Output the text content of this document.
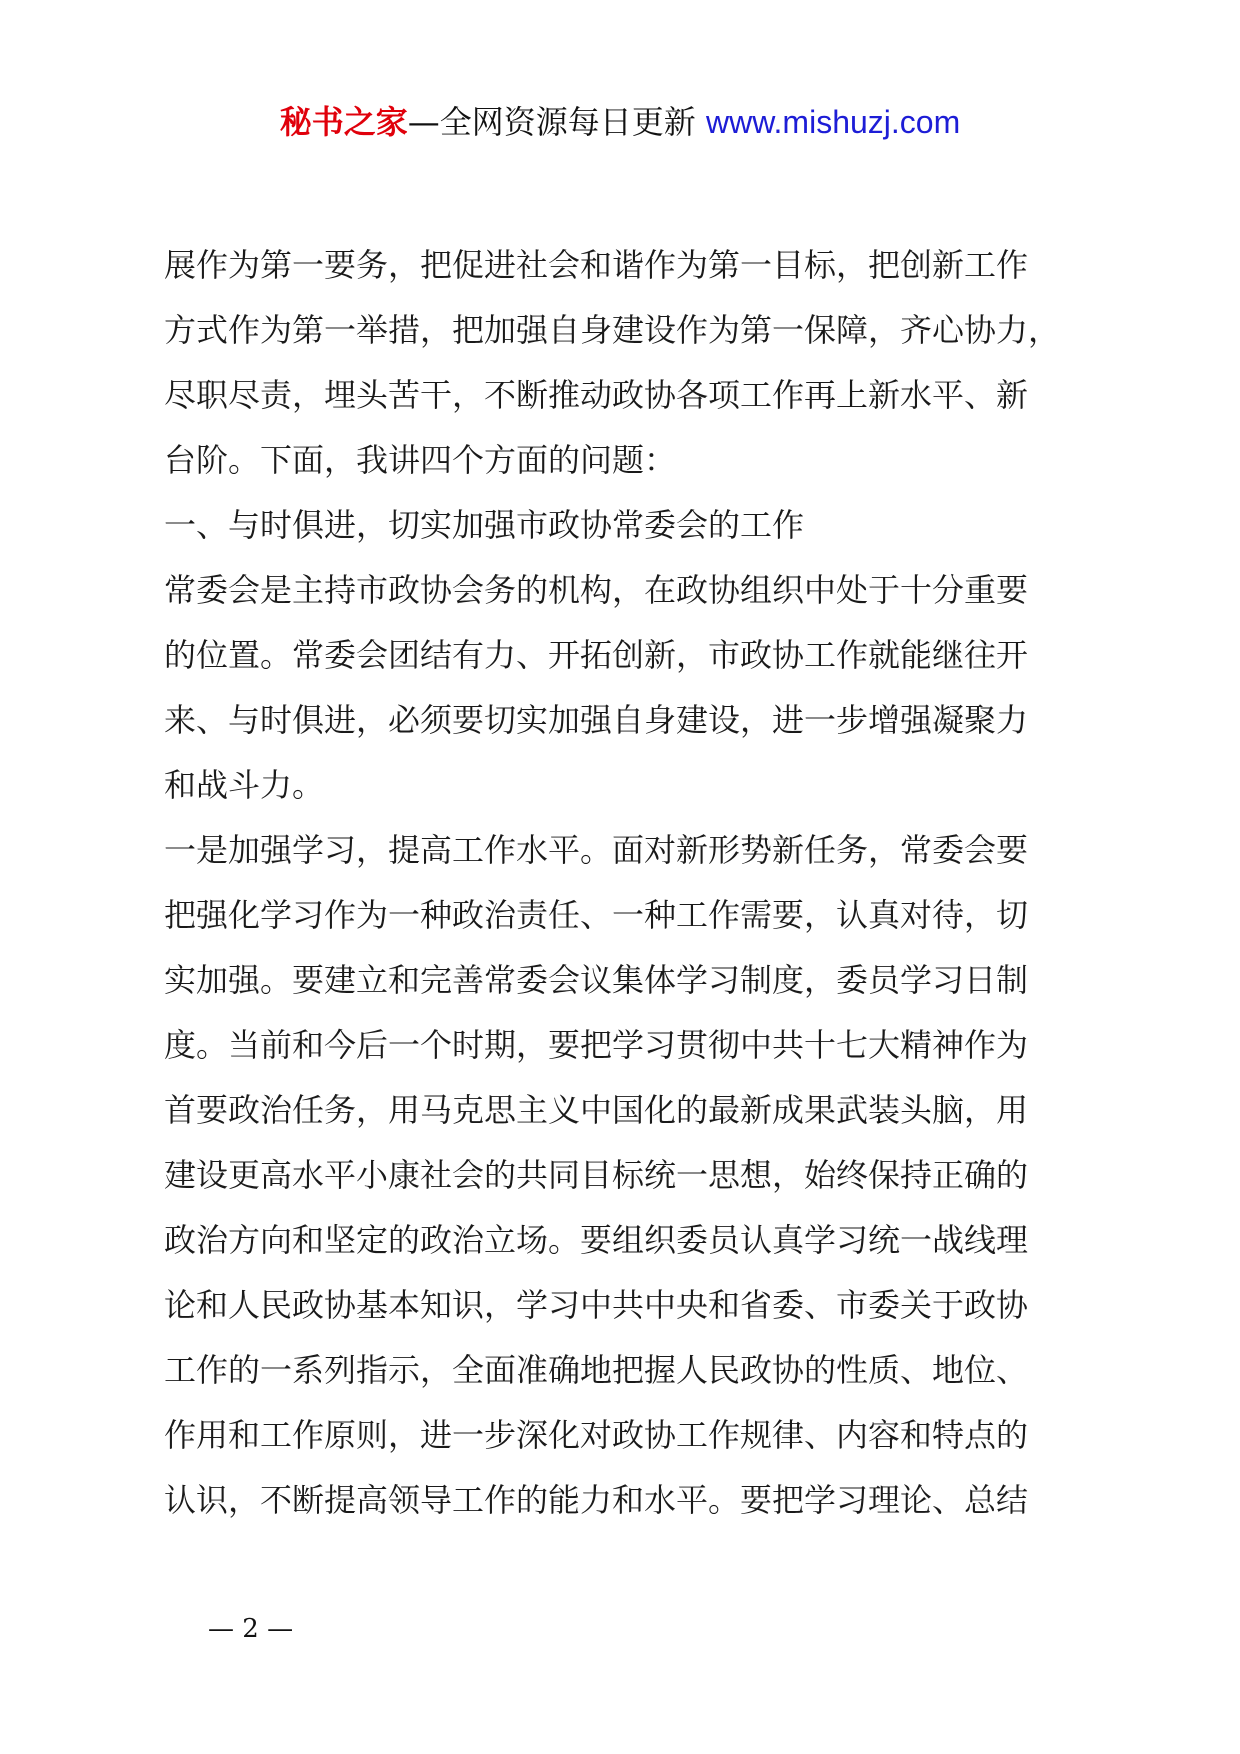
秘书之家—全网资源每日更新 www.mishuzj.com
展作为第一要务，把促进社会和谐作为第一目标，把创新工作
方式作为第一举措，把加强自身建设作为第一保障，齐心协力，
尽职尽责，埋头苦干，不断推动政协各项工作再上新水平、新
台阶。下面，我讲四个方面的问题：
一、与时俱进，切实加强市政协常委会的工作
常委会是主持市政协会务的机构，在政协组织中处于十分重要
的位置。常委会团结有力、开拓创新，市政协工作就能继往开
来、与时俱进，必须要切实加强自身建设，进一步增强凝聚力
和战斗力。
一是加强学习，提高工作水平。面对新形势新任务，常委会要
把强化学习作为一种政治责任、一种工作需要，认真对待，切
实加强。要建立和完善常委会议集体学习制度，委员学习日制
度。当前和今后一个时期，要把学习贯彻中共十七大精神作为
首要政治任务，用马克思主义中国化的最新成果武装头脑，用
建设更高水平小康社会的共同目标统一思想，始终保持正确的
政治方向和坚定的政治立场。要组织委员认真学习统一战线理
论和人民政协基本知识，学习中共中央和省委、市委关于政协
工作的一系列指示，全面准确地把握人民政协的性质、地位、
作用和工作原则，进一步深化对政协工作规律、内容和特点的
认识，不断提高领导工作的能力和水平。要把学习理论、总结
— 2 —
